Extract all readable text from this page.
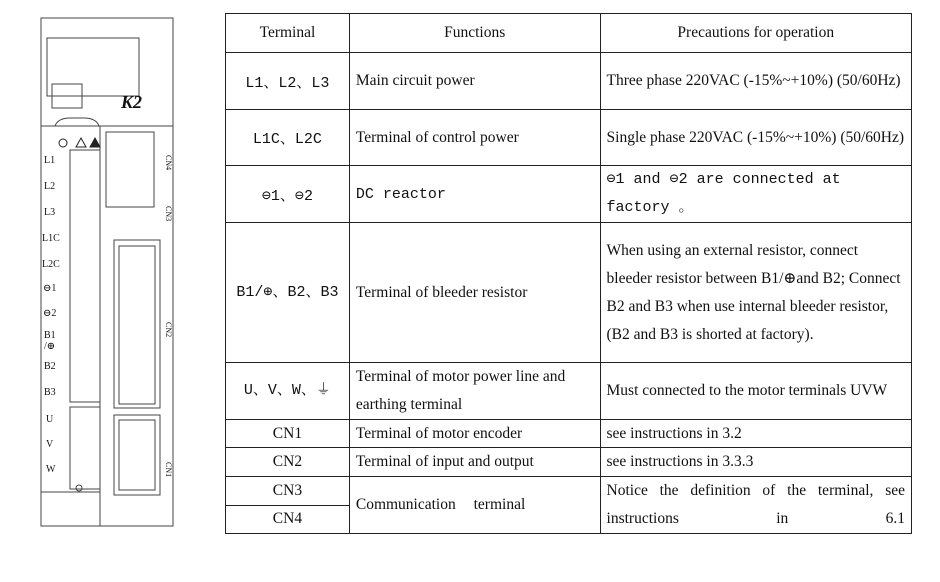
K2
L1
L2
L3
L1C
L2C
⊖1
⊖2
B1 /⊕
B2
B3
U
V
W
CN4
CN3
CN2
CN1
Terminal	Functions	Precautions for operation
L1、L2、L3	Main circuit power	Three phase 220VAC (-15%~+10%) (50/60Hz)
L1C、L2C	Terminal of control power	Single phase 220VAC (-15%~+10%) (50/60Hz)
⊖1、⊖2	DC reactor	⊖1 and ⊖2 are connected at factory 。
B1/⊕、B2、B3	Terminal of bleeder resistor	When using an external resistor, connect bleeder resistor between B1/⊕and B2; Connect B2 and B3 when use internal bleeder resistor, (B2 and B3 is shorted at factory).
U、V、W、⏚	Terminal of motor power line and earthing terminal	Must connected to the motor terminals UVW
CN1	Terminal of motor encoder	see instructions in 3.2
CN2	Terminal of input and output	see instructions in 3.3.3
CN3	Communication terminal	Notice the definition of the terminal, see instructions in 6.1
CN4		
